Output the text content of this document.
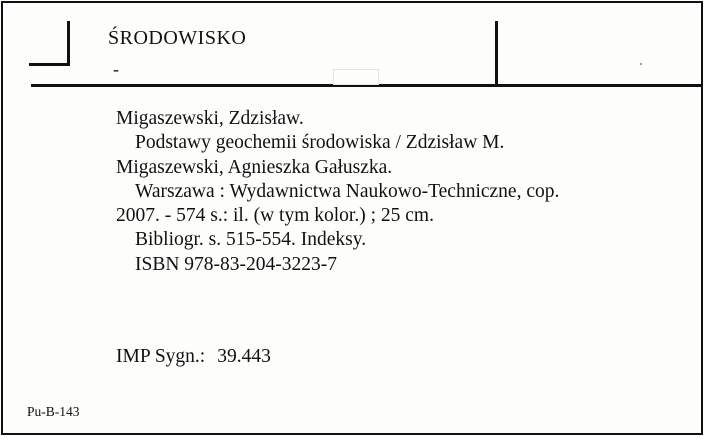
ŚRODOWISKO
-
Migaszewski, Zdzisław.
Podstawy geochemii środowiska / Zdzisław M.
Migaszewski, Agnieszka Gałuszka.
Warszawa : Wydawnictwa Naukowo-Techniczne, cop.
2007. - 574 s.: il. (w tym kolor.) ; 25 cm.
Bibliogr. s. 515-554. Indeksy.
ISBN 978-83-204-3223-7
IMP Sygn.: 39.443
Pu-B-143
